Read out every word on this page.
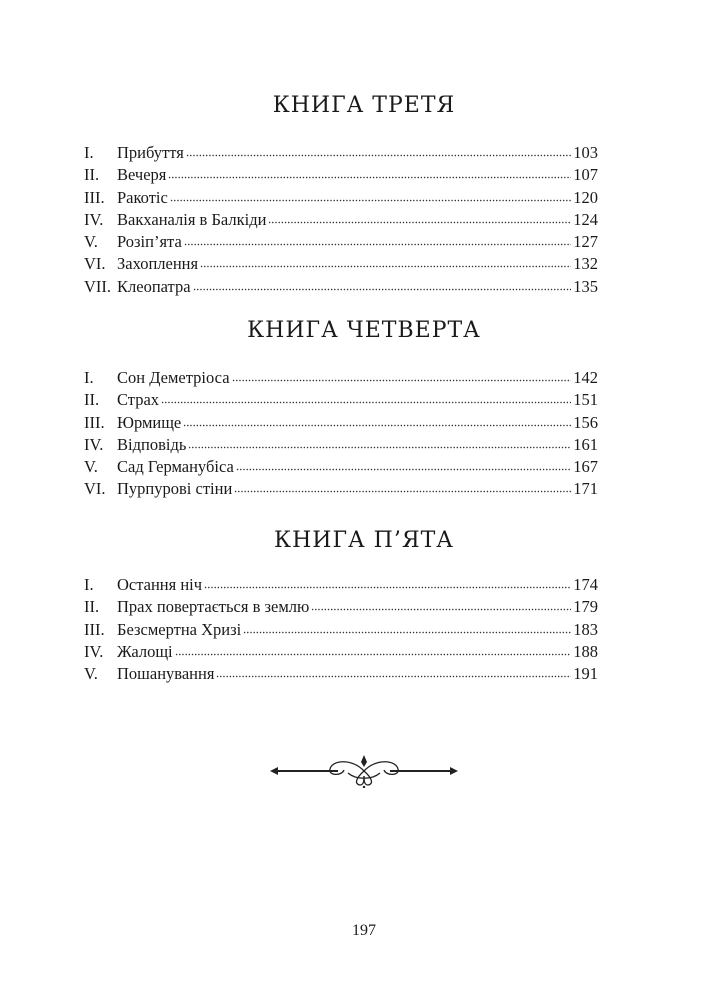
КНИГА ТРЕТЯ
I.	Прибуття	103
II.	Вечеря	107
III. Ракотіс	120
IV. Вакханалія в Балкіди	124
V.	Розіп’ята	127
VI. Захоплення	132
VII. Клеопатра	135
КНИГА ЧЕТВЕРТА
I.	Сон Деметріоса	142
II.	Страх	151
III. Юрмище	156
IV. Відповідь	161
V.	Сад Германубіса	167
VI. Пурпурові стіни	171
КНИГА П’ЯТА
I.	Остання ніч	174
II.	Прах повертається в землю	179
III. Безсмертна Хризі	183
IV. Жалощі	188
V.	Пошанування	191
197
